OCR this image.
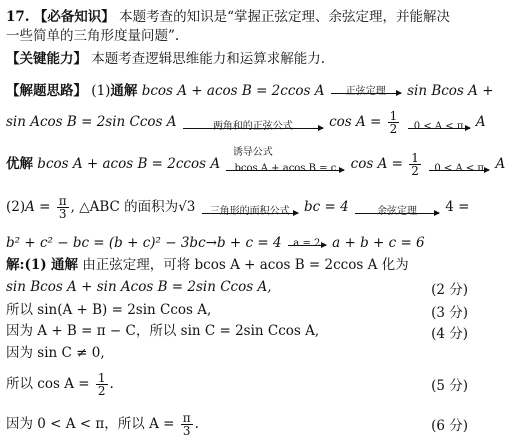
17. 【必备知识】 本题考查的知识是“掌握正弦定理、余弦定理，并能解决
一些简单的三角形度量问题”.
【关键能力】 本题考查逻辑思维能力和运算求解能力.
【解题思路】 (1)通解 bcos A + acos B = 2ccos A	正弦定理	sin Bcos A +
sin Acos B = 2sin Ccos A	两角和的正弦公式
诱导公式
$\cos A = \frac{1}{2}$
	0 < A < π A
优解 bcos A + acos B = 2ccos A	bcos A + acos B = c	$\cos A = \frac{1}{2}$
	0 < A < π A
$(2)A = \frac{\pi}{3}$ , △ABC 的面积为√3	三角形的面积公式	bc = 4	余弦定理	4 =
b² + c² − bc = (b + c)² − 3bc→b + c = 4	a = 2 a + b + c = 6
解:(1) 通解 由正弦定理，可将 bcos A + acos B = 2ccos A 化为
sin Bcos A + sin Acos B = 2sin Ccos A,	(2 分)
所以 sin(A + B) = 2sin Ccos A,	(3 分)
因为 A + B = π − C，所以 sin C = 2sin Ccos A,	(4 分)
因为 sin C ≠ 0,
所以 $\cos A = \frac{1}{2}$ .	(5 分)
因为 0 < A < π，所以 $A = \frac{\pi}{3}$ .	(6 分)
